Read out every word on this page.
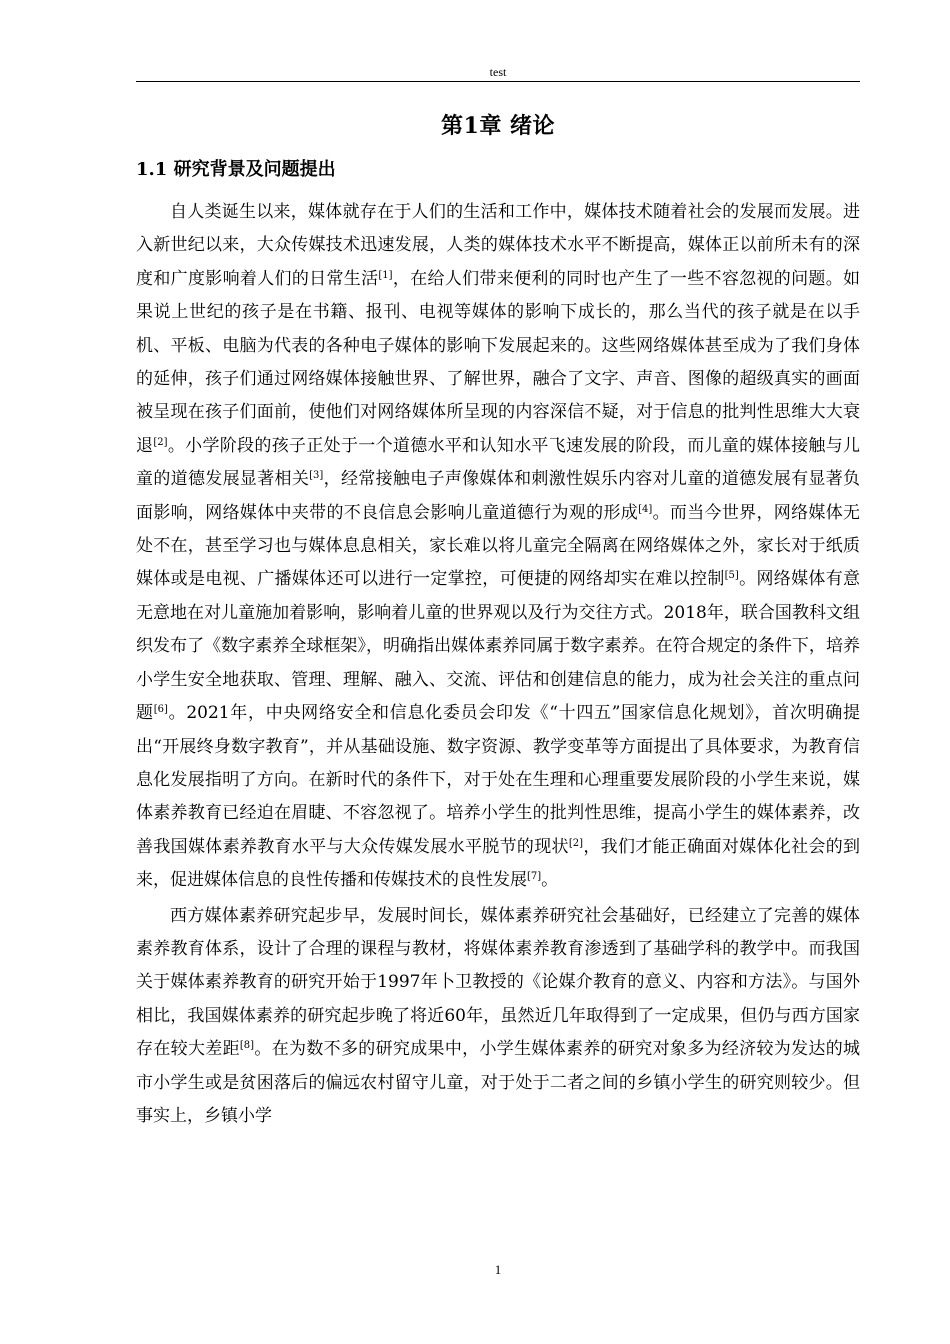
test
第1章 绪论
1.1 研究背景及问题提出

自人类诞生以来，媒体就存在于人们的生活和工作中，媒体技术随着社会的发展而发展。进入新世纪以来，大众传媒技术迅速发展，人类的媒体技术水平不断提高，媒体正以前所未有的深度和广度影响着人们的日常生活[1]，在给人们带来便利的同时也产生了一些不容忽视的问题。如果说上世纪的孩子是在书籍、报刊、电视等媒体的影响下成长的，那么当代的孩子就是在以手机、平板、电脑为代表的各种电子媒体的影响下发展起来的。这些网络媒体甚至成为了我们身体的延伸，孩子们通过网络媒体接触世界、了解世界，融合了文字、声音、图像的超级真实的画面被呈现在孩子们面前，使他们对网络媒体所呈现的内容深信不疑，对于信息的批判性思维大大衰退[2]。小学阶段的孩子正处于一个道德水平和认知水平飞速发展的阶段，而儿童的媒体接触与儿童的道德发展显著相关[3]，经常接触电子声像媒体和刺激性娱乐内容对儿童的道德发展有显著负面影响，网络媒体中夹带的不良信息会影响儿童道德行为观的形成[4]。而当今世界，网络媒体无处不在，甚至学习也与媒体息息相关，家长难以将儿童完全隔离在网络媒体之外，家长对于纸质媒体或是电视、广播媒体还可以进行一定掌控，可便捷的网络却实在难以控制[5]。网络媒体有意无意地在对儿童施加着影响，影响着儿童的世界观以及行为交往方式。2018年，联合国教科文组织发布了《数字素养全球框架》，明确指出媒体素养同属于数字素养。在符合规定的条件下，培养小学生安全地获取、管理、理解、融入、交流、评估和创建信息的能力，成为社会关注的重点问题[6]。2021年，中央网络安全和信息化委员会印发《“十四五”国家信息化规划》，首次明确提出“开展终身数字教育”，并从基础设施、数字资源、教学变革等方面提出了具体要求，为教育信息化发展指明了方向。在新时代的条件下，对于处在生理和心理重要发展阶段的小学生来说，媒体素养教育已经迫在眉睫、不容忽视了。培养小学生的批判性思维，提高小学生的媒体素养，改善我国媒体素养教育水平与大众传媒发展水平脱节的现状[2]，我们才能正确面对媒体化社会的到来，促进媒体信息的良性传播和传媒技术的良性发展[7]。

西方媒体素养研究起步早，发展时间长，媒体素养研究社会基础好，已经建立了完善的媒体素养教育体系，设计了合理的课程与教材，将媒体素养教育渗透到了基础学科的教学中。而我国关于媒体素养教育的研究开始于1997年卜卫教授的《论媒介教育的意义、内容和方法》。与国外相比，我国媒体素养的研究起步晚了将近60年，虽然近几年取得到了一定成果，但仍与西方国家存在较大差距[8]。在为数不多的研究成果中，小学生媒体素养的研究对象多为经济较为发达的城市小学生或是贫困落后的偏远农村留守儿童，对于处于二者之间的乡镇小学生的研究则较少。但事实上，乡镇小学

1
